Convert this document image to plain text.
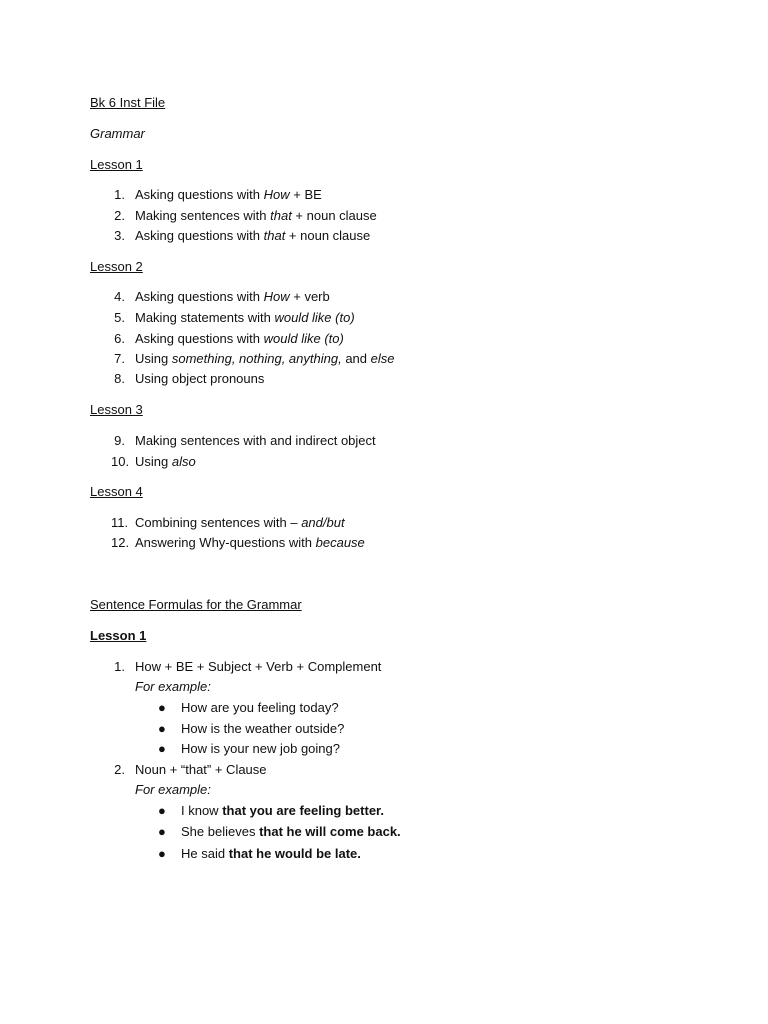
Bk 6 Inst File
Grammar
Lesson 1
1. Asking questions with How + BE
2. Making sentences with that + noun clause
3. Asking questions with that + noun clause
Lesson 2
4. Asking questions with How + verb
5. Making statements with would like (to)
6. Asking questions with would like (to)
7. Using something, nothing, anything, and else
8. Using object pronouns
Lesson 3
9. Making sentences with and indirect object
10. Using also
Lesson 4
11. Combining sentences with – and/but
12. Answering Why-questions with because
Sentence Formulas for the Grammar
Lesson 1
1. How + BE + Subject + Verb + Complement
For example:
● How are you feeling today?
● How is the weather outside?
● How is your new job going?
2. Noun + “that” + Clause
For example:
● I know that you are feeling better.
● She believes that he will come back.
● He said that he would be late.
